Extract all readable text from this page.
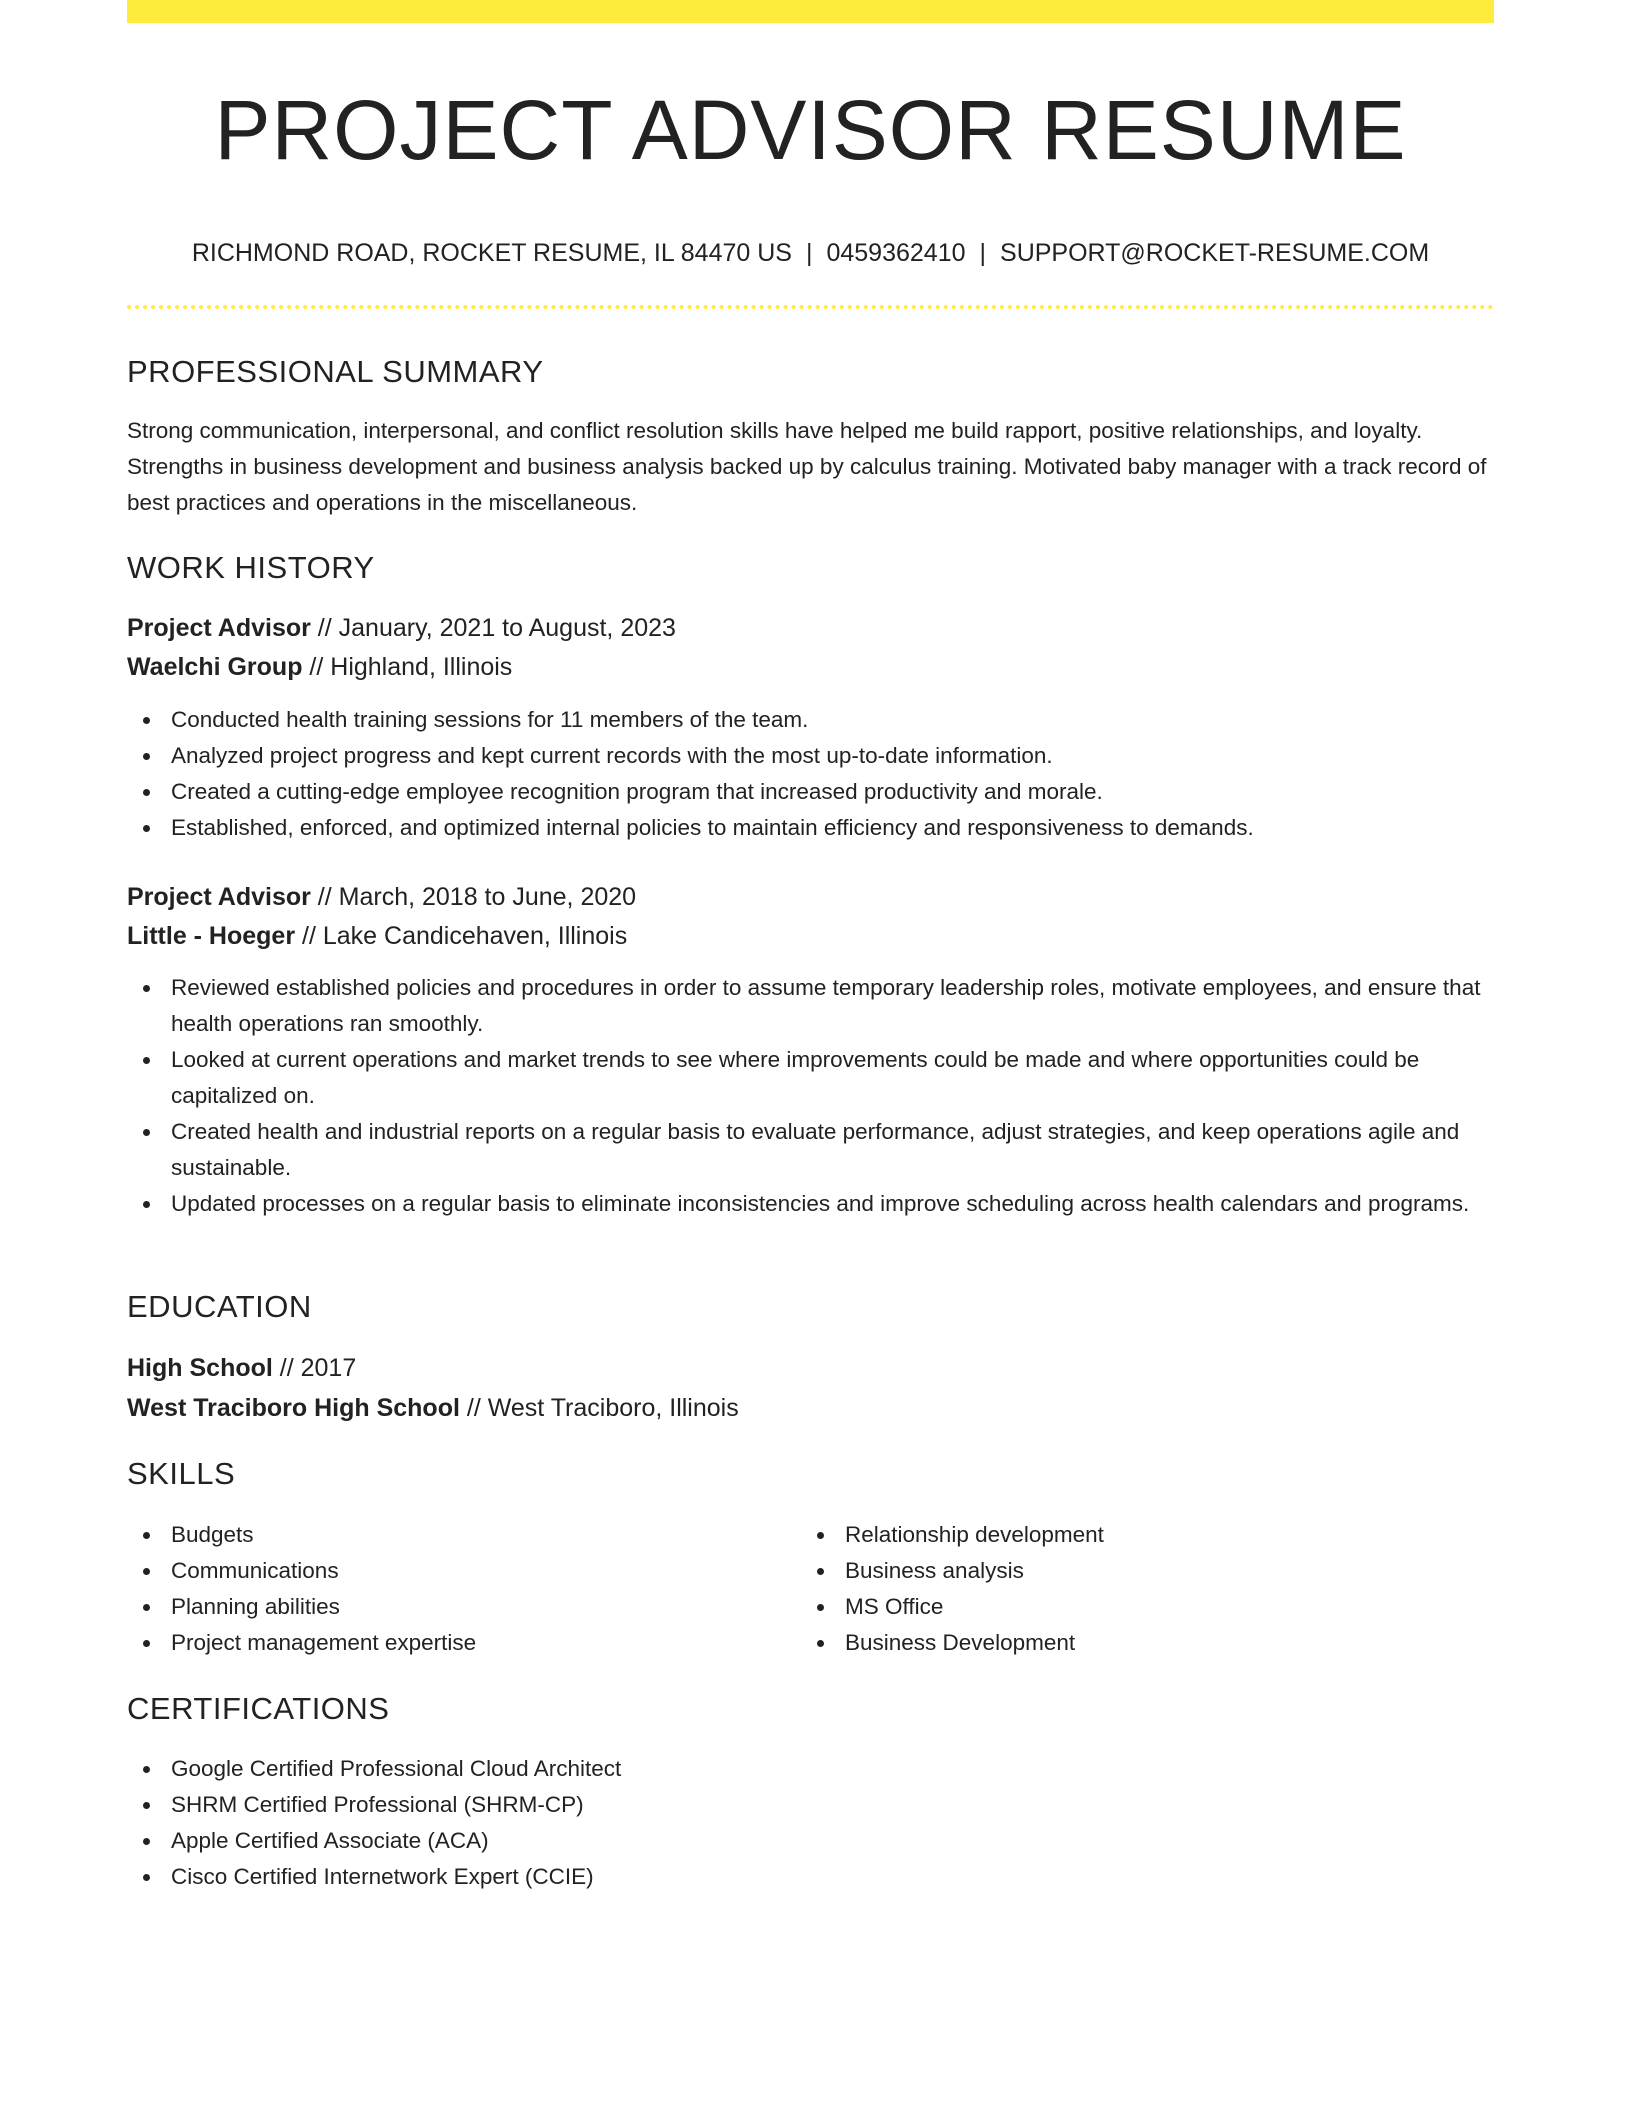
PROJECT ADVISOR RESUME
RICHMOND ROAD, ROCKET RESUME, IL 84470 US | 0459362410 | SUPPORT@ROCKET-RESUME.COM
PROFESSIONAL SUMMARY

Strong communication, interpersonal, and conflict resolution skills have helped me build rapport, positive relationships, and loyalty. Strengths in business development and business analysis backed up by calculus training. Motivated baby manager with a track record of best practices and operations in the miscellaneous.

WORK HISTORY
Project Advisor // January, 2021 to August, 2023
Waelchi Group // Highland, Illinois
Conducted health training sessions for 11 members of the team.
Analyzed project progress and kept current records with the most up-to-date information.
Created a cutting-edge employee recognition program that increased productivity and morale.
Established, enforced, and optimized internal policies to maintain efficiency and responsiveness to demands.
Project Advisor // March, 2018 to June, 2020
Little - Hoeger // Lake Candicehaven, Illinois
Reviewed established policies and procedures in order to assume temporary leadership roles, motivate employees, and ensure that health operations ran smoothly.
Looked at current operations and market trends to see where improvements could be made and where opportunities could be capitalized on.
Created health and industrial reports on a regular basis to evaluate performance, adjust strategies, and keep operations agile and sustainable.
Updated processes on a regular basis to eliminate inconsistencies and improve scheduling across health calendars and programs.
EDUCATION
High School // 2017
West Traciboro High School // West Traciboro, Illinois
SKILLS
Budgets
Communications
Planning abilities
Project management expertise
Relationship development
Business analysis
MS Office
Business Development
CERTIFICATIONS
Google Certified Professional Cloud Architect
SHRM Certified Professional (SHRM-CP)
Apple Certified Associate (ACA)
Cisco Certified Internetwork Expert (CCIE)
